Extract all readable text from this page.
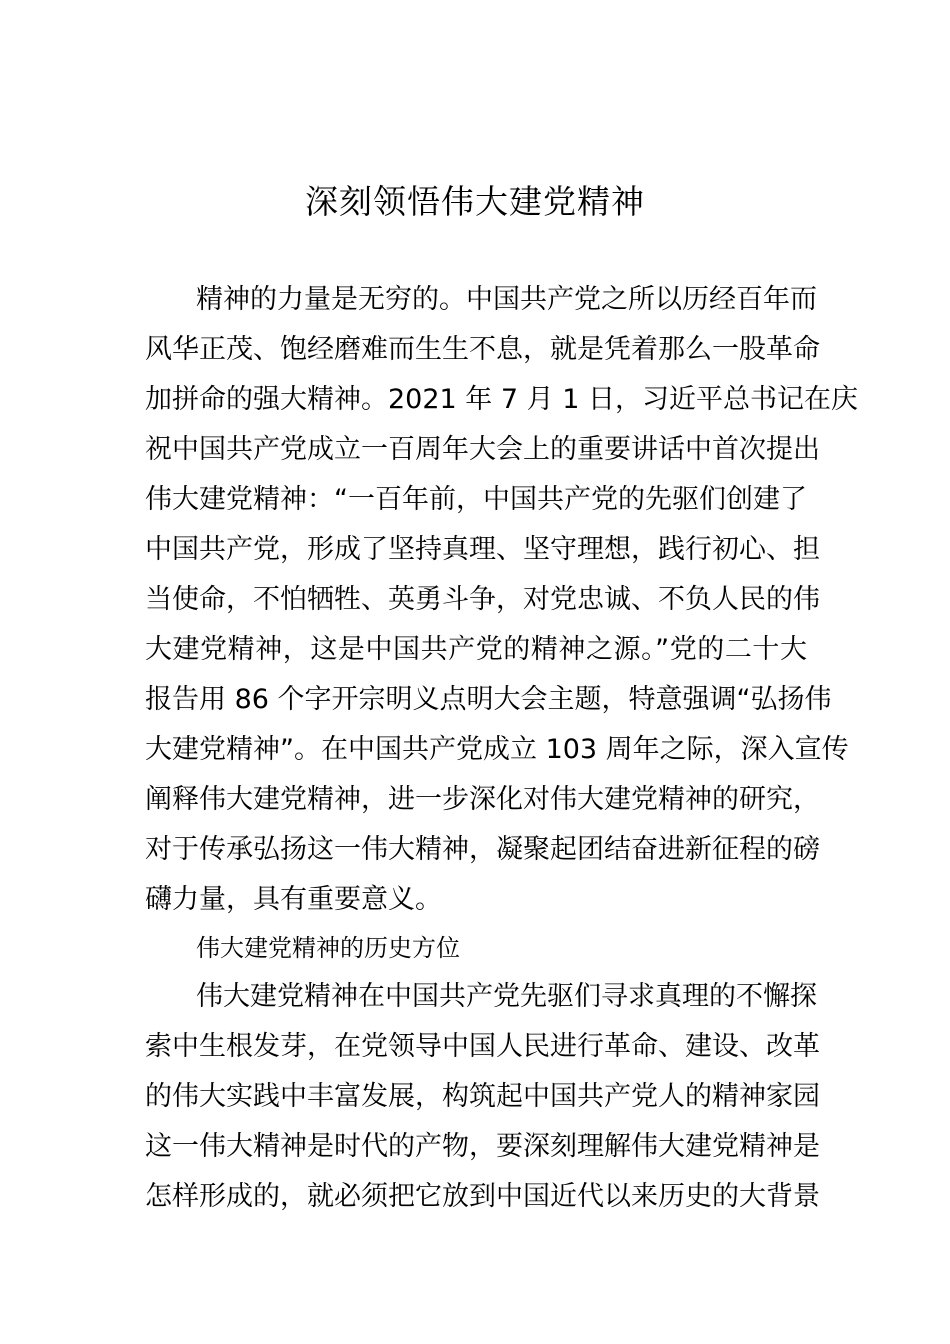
深刻领悟伟大建党精神
精神的力量是无穷的。中国共产党之所以历经百年而
风华正茂、饱经磨难而生生不息，就是凭着那么一股革命
加拼命的强大精神。2021 年 7 月 1 日，习近平总书记在庆
祝中国共产党成立一百周年大会上的重要讲话中首次提出
伟大建党精神：“一百年前，中国共产党的先驱们创建了
中国共产党，形成了坚持真理、坚守理想，践行初心、担
当使命，不怕牺牲、英勇斗争，对党忠诚、不负人民的伟
大建党精神，这是中国共产党的精神之源。”党的二十大
报告用 86 个字开宗明义点明大会主题，特意强调“弘扬伟
大建党精神”。在中国共产党成立 103 周年之际，深入宣传
阐释伟大建党精神，进一步深化对伟大建党精神的研究，
对于传承弘扬这一伟大精神，凝聚起团结奋进新征程的磅
礴力量，具有重要意义。
伟大建党精神的历史方位
伟大建党精神在中国共产党先驱们寻求真理的不懈探
索中生根发芽，在党领导中国人民进行革命、建设、改革
的伟大实践中丰富发展，构筑起中国共产党人的精神家园
这一伟大精神是时代的产物，要深刻理解伟大建党精神是
怎样形成的，就必须把它放到中国近代以来历史的大背景
